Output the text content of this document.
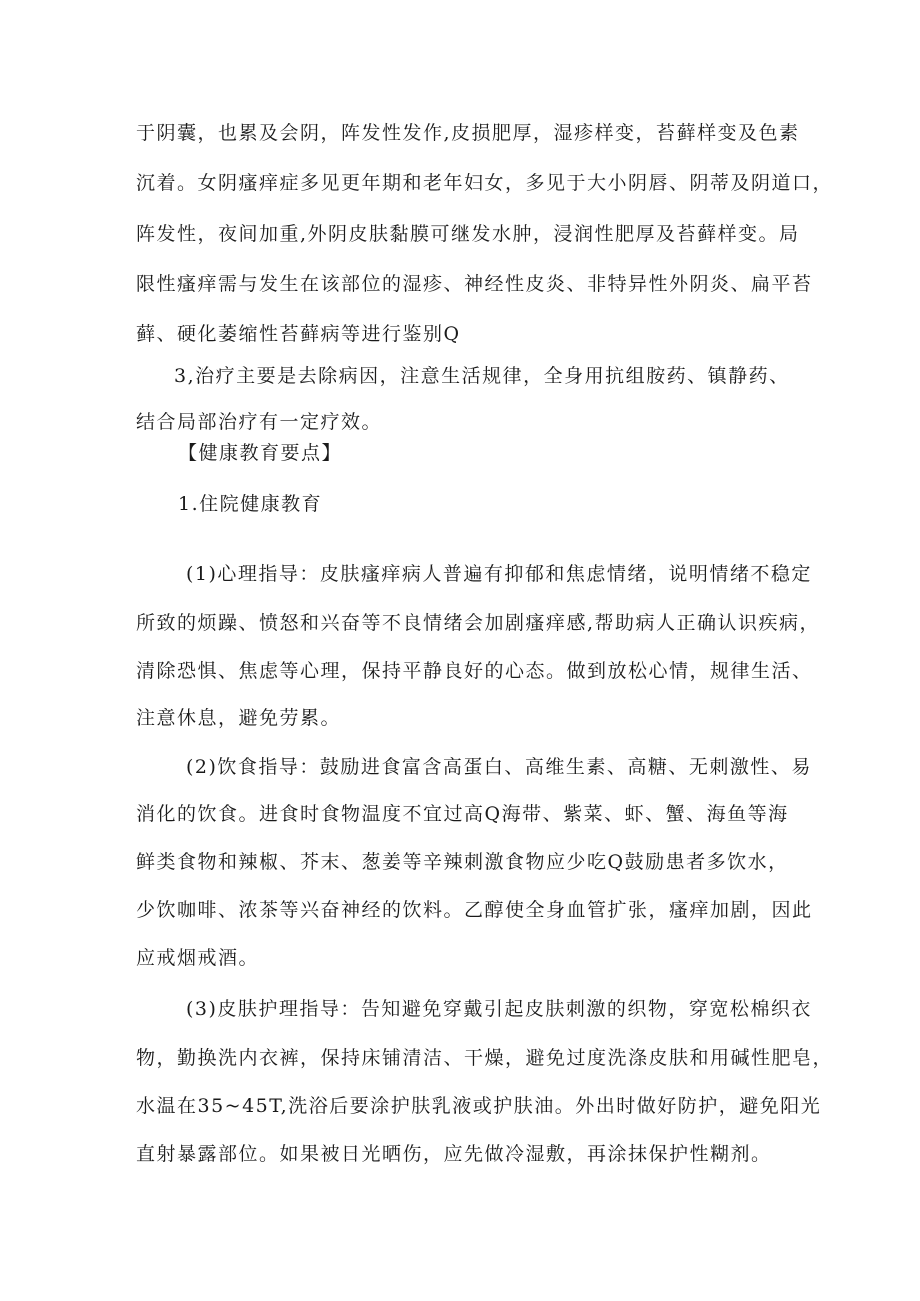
于阴囊，也累及会阴，阵发性发作,皮损肥厚，湿疹样变，苔藓样变及色素

沉着。女阴瘙痒症多见更年期和老年妇女，多见于大小阴唇、阴蒂及阴道口，

阵发性，夜间加重,外阴皮肤黏膜可继发水肿，浸润性肥厚及苔藓样变。局

限性瘙痒需与发生在该部位的湿疹、神经性皮炎、非特异性外阴炎、扁平苔

藓、硬化萎缩性苔藓病等进行鉴别Q

3,治疗主要是去除病因，注意生活规律，全身用抗组胺药、镇静药、

结合局部治疗有一定疗效。

【健康教育要点】

1.住院健康教育

(1)心理指导：皮肤瘙痒病人普遍有抑郁和焦虑情绪，说明情绪不稳定

所致的烦躁、愤怒和兴奋等不良情绪会加剧瘙痒感,帮助病人正确认识疾病，

清除恐惧、焦虑等心理，保持平静良好的心态。做到放松心情，规律生活、

注意休息，避免劳累。

(2)饮食指导：鼓励进食富含高蛋白、高维生素、高糖、无刺激性、易

消化的饮食。进食时食物温度不宜过高Q海带、紫菜、虾、蟹、海鱼等海

鲜类食物和辣椒、芥末、葱姜等辛辣刺激食物应少吃Q鼓励患者多饮水，

少饮咖啡、浓茶等兴奋神经的饮料。乙醇使全身血管扩张，瘙痒加剧，因此

应戒烟戒酒。

(3)皮肤护理指导：告知避免穿戴引起皮肤刺激的织物，穿宽松棉织衣

物，勤换洗内衣裤，保持床铺清洁、干燥，避免过度洗涤皮肤和用碱性肥皂，

水温在35~45T,洗浴后要涂护肤乳液或护肤油。外出时做好防护，避免阳光

直射暴露部位。如果被日光晒伤，应先做冷湿敷，再涂抹保护性糊剂。
